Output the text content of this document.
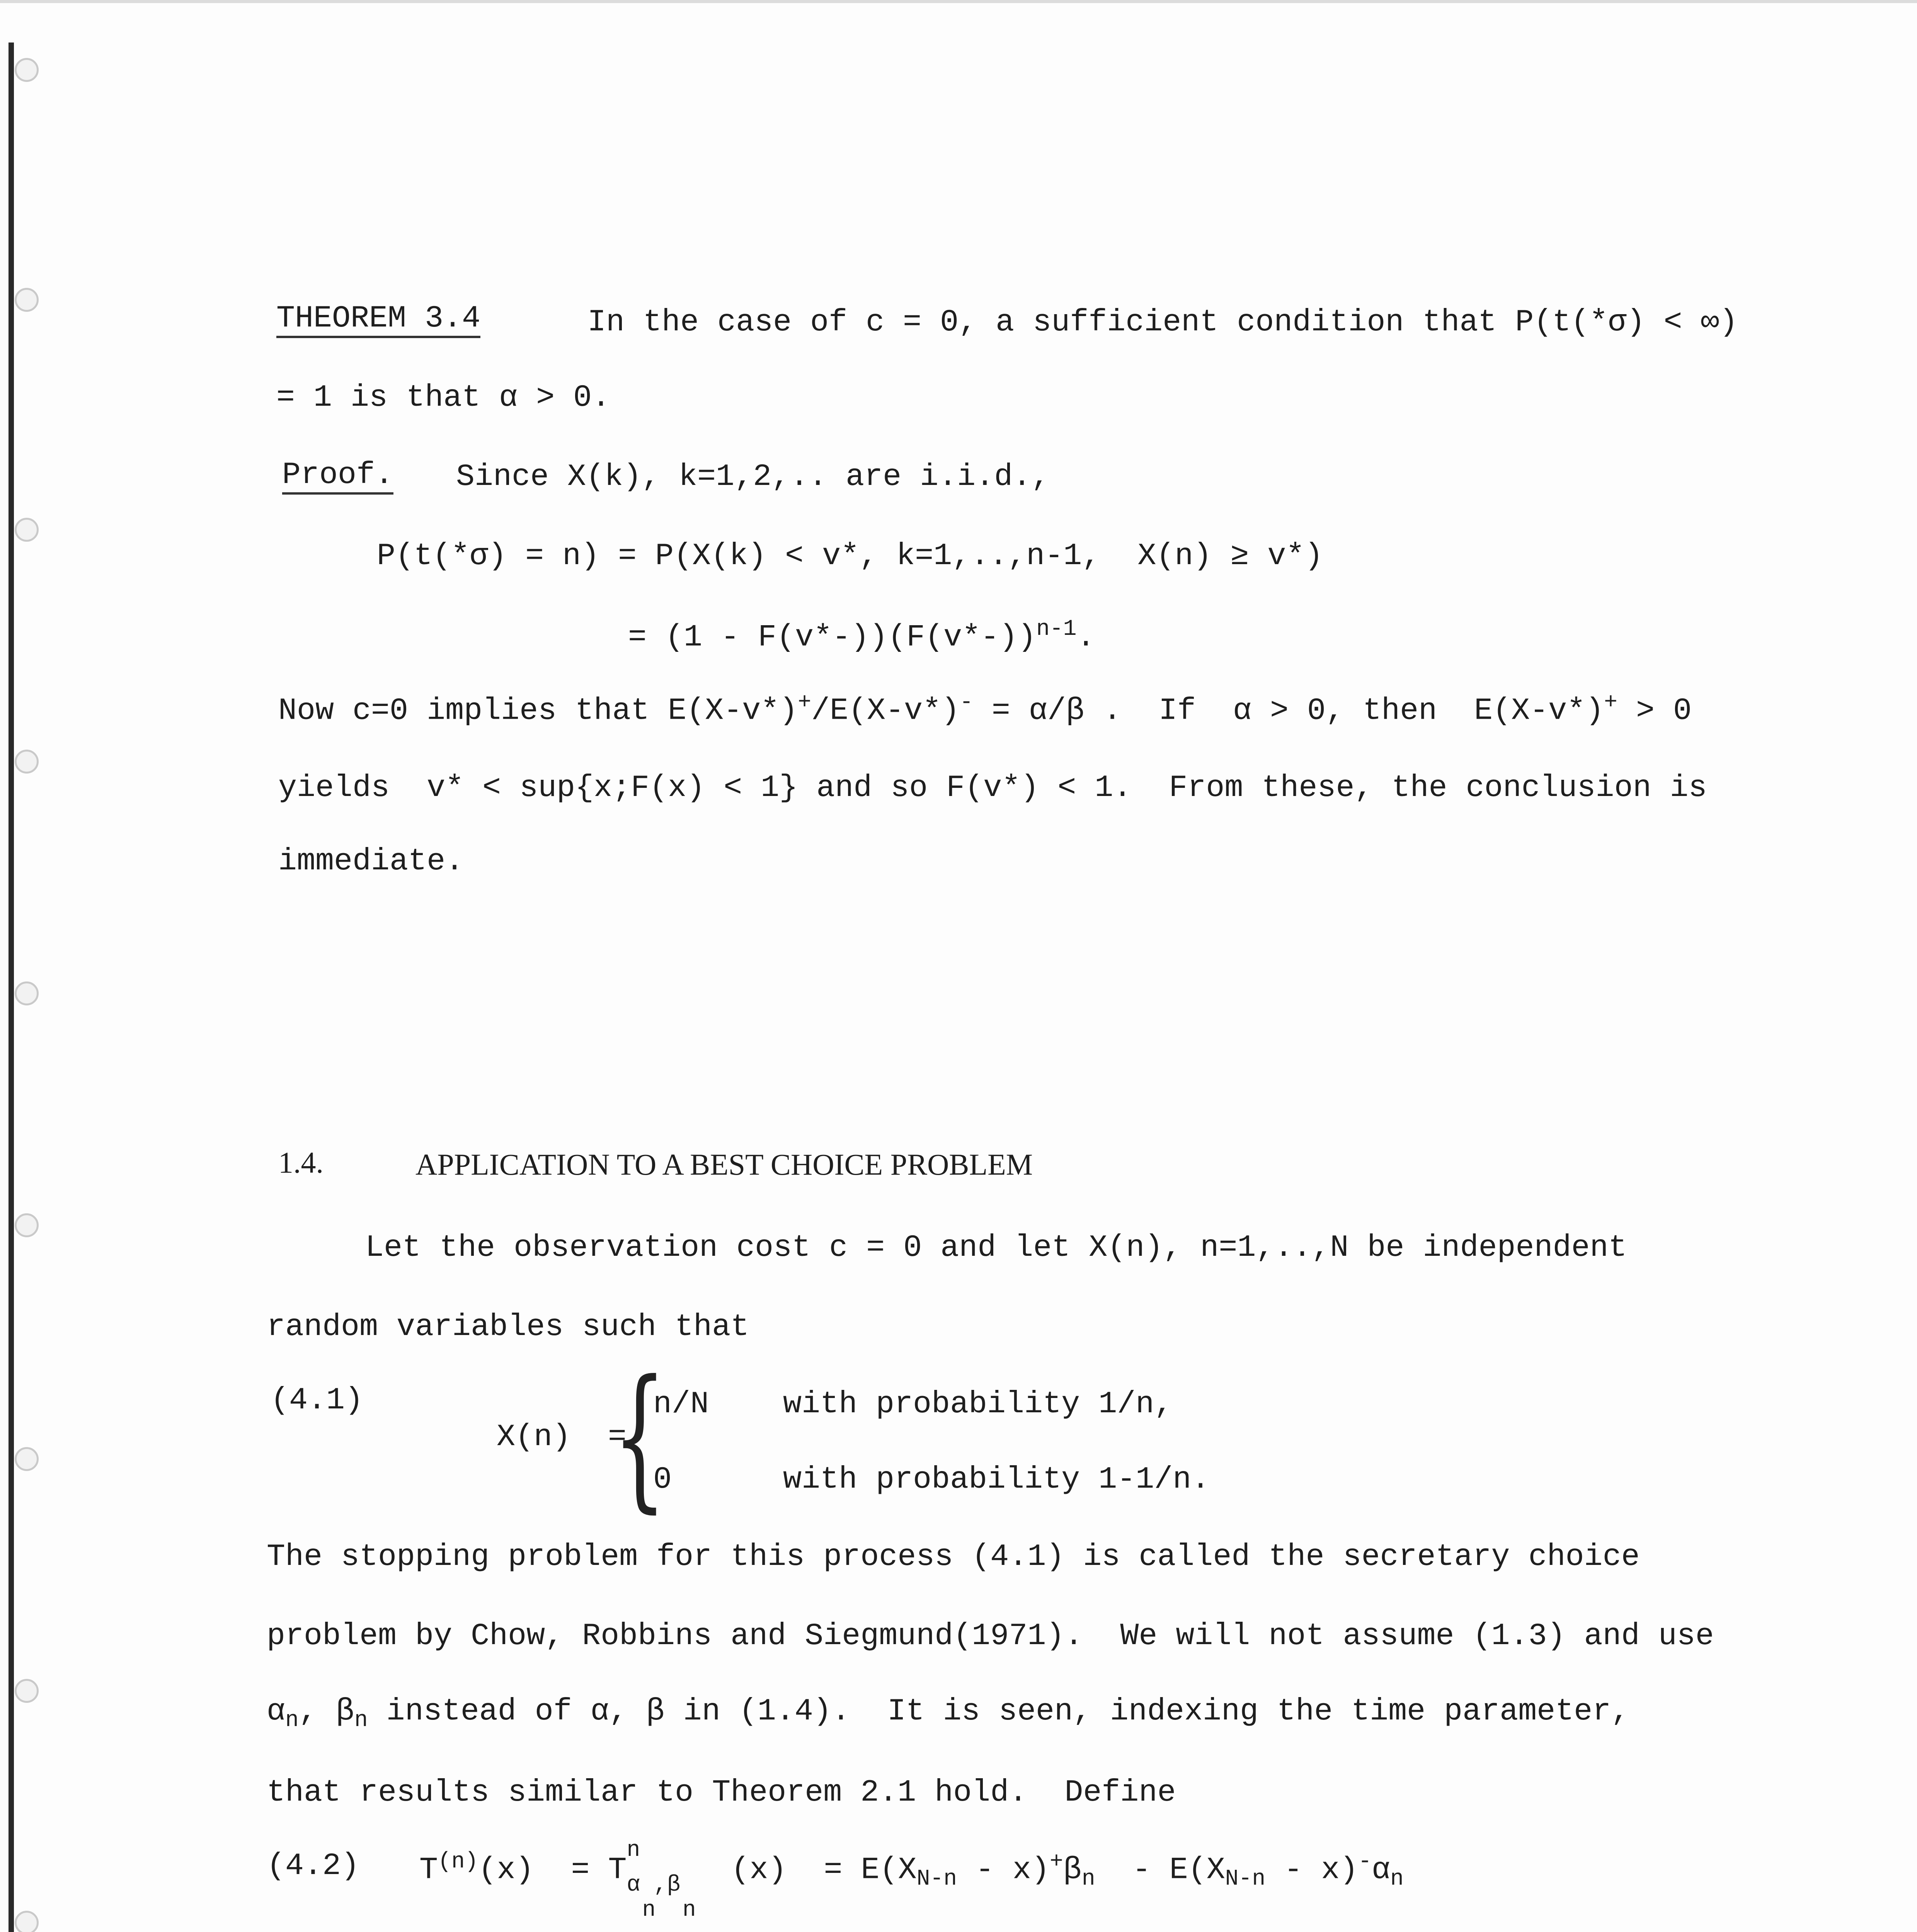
THEOREM 3.4	In the case of c = 0, a sufficient condition that P(t(*σ) < ∞)
= 1 is that α > 0.
Proof. Since X(k), k=1,2,.. are i.i.d.,
P(t(*σ) = n) = P(X(k) < v*, k=1,..,n-1,  X(n) ≥ v*)
= $(1 - F(v*-))(F(v*-))^{n-1}$.
Now c=0 implies that E(X-v*)+/E(X-v*)- = α/β .  If  α > 0, then  E(X-v*)+ > 0
yields  v* < sup{x;F(x) < 1} and so F(v*) < 1.  From these, the conclusion is
immediate.
1.4.	APPLICATION TO A BEST CHOICE PROBLEM
Let the observation cost c = 0 and let X(n), n=1,..,N be independent
random variables such that
(4.1)
X(n)  =
{
n/N    with probability 1/n,
0      with probability 1-1/n.
The stopping problem for this process (4.1) is called the secretary choice
problem by Chow, Robbins and Siegmund(1971).  We will not assume (1.3) and use
$\alpha_n$, $\beta_n$ instead of α, β in (1.4).  It is seen, indexing the time parameter,
that results similar to Theorem 2.1 hold.  Define
(4.2) $T^{(n)}(x) = T$
n
α ,β
n  n
$(x) = E(X_{N-n} - x)^+\beta_n - E(X_{N-n} - x)^-\alpha_n$
